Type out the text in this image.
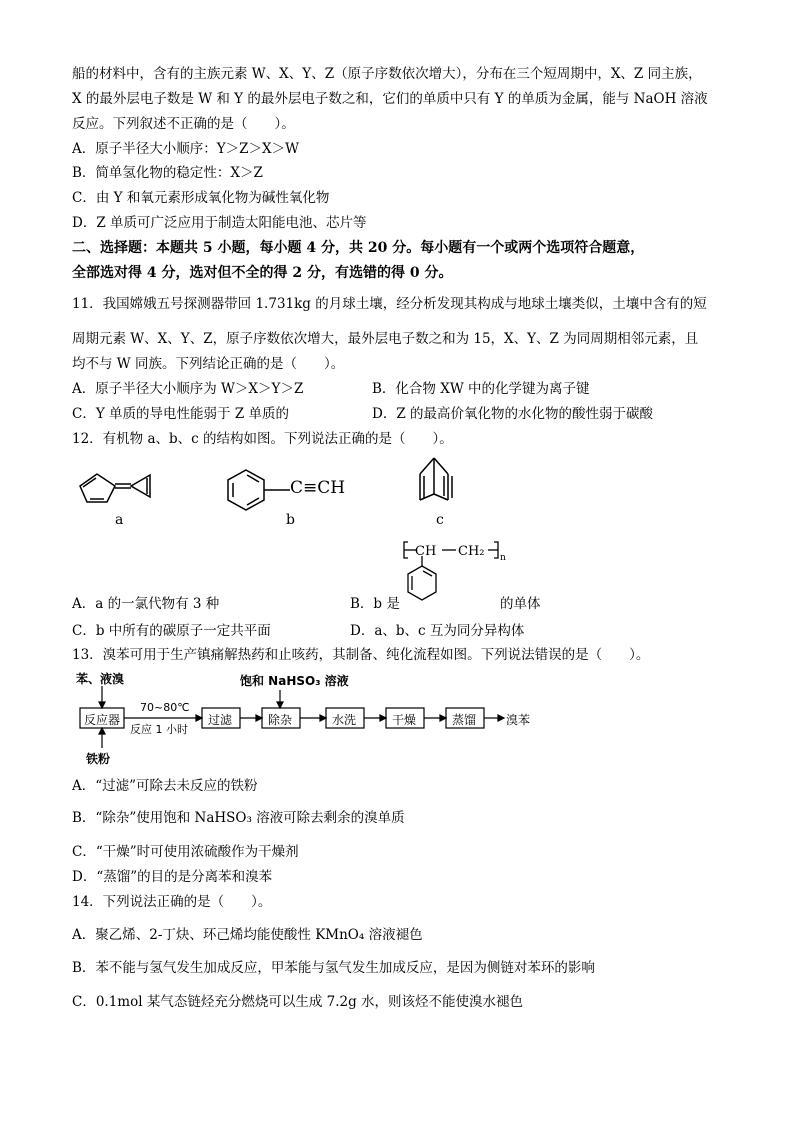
船的材料中，含有的主族元素 W、X、Y、Z（原子序数依次增大），分布在三个短周期中，X、Z 同主族，
X 的最外层电子数是 W 和 Y 的最外层电子数之和，它们的单质中只有 Y 的单质为金属，能与 NaOH 溶液
反应。下列叙述不正确的是（　　）。
A．原子半径大小顺序：Y＞Z＞X＞W
B．简单氢化物的稳定性：X＞Z
C．由 Y 和氧元素形成氧化物为碱性氧化物
D．Z 单质可广泛应用于制造太阳能电池、芯片等
二、选择题：本题共 5 小题，每小题 4 分，共 20 分。每小题有一个或两个选项符合题意，
全部选对得 4 分，选对但不全的得 2 分，有选错的得 0 分。
11．我国嫦娥五号探测器带回 1.731kg 的月球土壤，经分析发现其构成与地球土壤类似，土壤中含有的短
周期元素 W、X、Y、Z，原子序数依次增大，最外层电子数之和为 15，X、Y、Z 为同周期相邻元素，且
均不与 W 同族。下列结论正确的是（　　）。
A．原子半径大小顺序为 W＞X＞Y＞Z	B．化合物 XW 中的化学键为离子键
C．Y 单质的导电性能弱于 Z 单质的	D．Z 的最高价氧化物的水化物的酸性弱于碳酸
12．有机物 a、b、c 的结构如图。下列说法正确的是（　　）。
a
C≡CH
b	c
CH CH₂ n
A．a 的一氯代物有 3 种	B．b 是	的单体
C．b 中所有的碳原子一定共平面	D．a、b、c 互为同分异构体
13．溴苯可用于生产镇痛解热药和止咳药，其制备、纯化流程如图。下列说法错误的是（　　）。
苯、液溴
反应器
铁粉
70~80℃
反应 1 小时
过滤
饱和 NaHSO₃ 溶液
除杂	水洗	干燥	蒸馏 溴苯
A．“过滤”可除去未反应的铁粉
B．“除杂”使用饱和 NaHSO₃ 溶液可除去剩余的溴单质
C．“干燥”时可使用浓硫酸作为干燥剂
D．“蒸馏”的目的是分离苯和溴苯
14．下列说法正确的是（　　）。
A．聚乙烯、2-丁炔、环己烯均能使酸性 KMnO₄ 溶液褪色
B．苯不能与氢气发生加成反应，甲苯能与氢气发生加成反应，是因为侧链对苯环的影响
C．0.1mol 某气态链烃充分燃烧可以生成 7.2g 水，则该烃不能使溴水褪色
